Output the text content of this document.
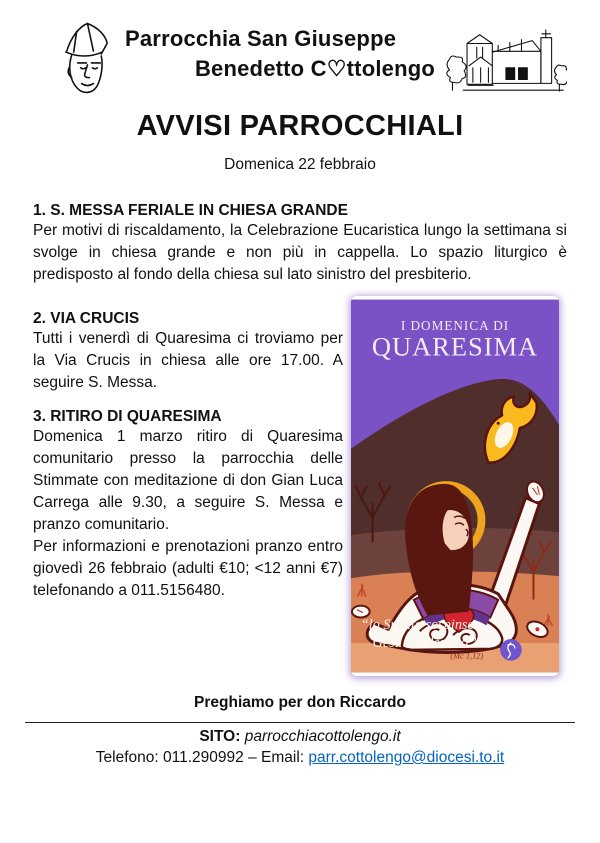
Parrocchia San Giuseppe
Benedetto C♡ttolengo
AVVISI PARROCCHIALI
Domenica 22 febbraio
1. S. MESSA FERIALE IN CHIESA GRANDE

Per motivi di riscaldamento, la Celebrazione Eucaristica lungo la settimana si svolge in chiesa grande e non più in cappella. Lo spazio liturgico è predisposto al fondo della chiesa sul lato sinistro del presbiterio.

2. VIA CRUCIS

Tutti i venerdì di Quaresima ci troviamo per la Via Crucis in chiesa alle ore 17.00. A seguire S. Messa.

3. RITIRO DI QUARESIMA

Domenica 1 marzo ritiro di Quaresima comunitario presso la parrocchia delle Stimmate con meditazione di don Gian Luca Carrega alle 9.30, a seguire S. Messa e pranzo comunitario.

Per informazioni e prenotazioni pranzo entro giovedì 26 febbraio (adulti €10; <12 anni €7) telefonando a 011.5156480.

I DOMENICA DI
QUARESIMA
“lo Spirito sospinse
Gesù nel deserto ”
(Mc 1,12)
Preghiamo per don Riccardo
SITO: parrocchiacottolengo.it
Telefono: 011.290992 – Email: parr.cottolengo@diocesi.to.it
